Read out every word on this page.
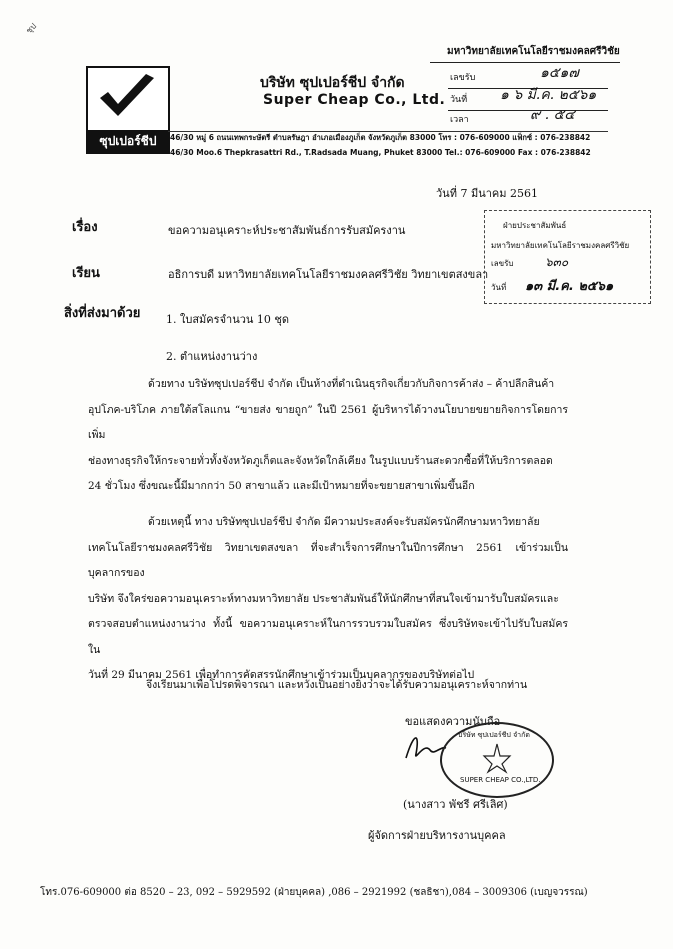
ชุป
ซุปเปอร์ชีป
บริษัท ซุปเปอร์ชีป จำกัด
Super Cheap Co., Ltd.
46/30 หมู่ 6 ถนนเทพกระษัตรี ตำบลรัษฎา อำเภอเมืองภูเก็ต จังหวัดภูเก็ต 83000 โทร : 076-609000 แฟ็กซ์ : 076-238842
46/30 Moo.6 Thepkrasattri Rd., T.Radsada Muang, Phuket 83000 Tel.: 076-609000 Fax : 076-238842
มหาวิทยาลัยเทคโนโลยีราชมงคลศรีวิชัย
เลขรับ	๑๕๑๗
วันที่ ๑ ๖ มี.ค. ๒๕๖๑
เวลา	๙ . ๕๔
วันที่ 7 มีนาคม 2561
เรื่อง	ขอความอนุเคราะห์ประชาสัมพันธ์การรับสมัครงาน
เรียน	อธิการบดี มหาวิทยาลัยเทคโนโลยีราชมงคลศรีวิชัย วิทยาเขตสงขลา
สิ่งที่ส่งมาด้วย 1. ใบสมัครจำนวน 10 ชุด
2. ตำแหน่งงานว่าง
ฝ่ายประชาสัมพันธ์
มหาวิทยาลัยเทคโนโลยีราชมงคลศรีวิชัย
เลขรับ	๖๓๐
วันที่ ๑๓ มี.ค. ๒๕๖๑
ด้วยทาง บริษัทซุปเปอร์ชีป จำกัด เป็นห้างที่ดำเนินธุรกิจเกี่ยวกับกิจการค้าส่ง – ค้าปลีกสินค้า
อุปโภค-บริโภค ภายใต้สโลแกน “ขายส่ง ขายถูก” ในปี 2561 ผู้บริหารได้วางนโยบายขยายกิจการโดยการเพิ่ม
ช่องทางธุรกิจให้กระจายทั่วทั้งจังหวัดภูเก็ตและจังหวัดใกล้เคียง ในรูปแบบร้านสะดวกซื้อที่ให้บริการตลอด
24 ชั่วโมง ซึ่งขณะนี้มีมากกว่า 50 สาขาแล้ว และมีเป้าหมายที่จะขยายสาขาเพิ่มขึ้นอีก
ด้วยเหตุนี้ ทาง บริษัทซุปเปอร์ชีป จำกัด มีความประสงค์จะรับสมัครนักศึกษามหาวิทยาลัย
เทคโนโลยีราชมงคลศรีวิชัย วิทยาเขตสงขลา ที่จะสำเร็จการศึกษาในปีการศึกษา 2561 เข้าร่วมเป็นบุคลากรของ
บริษัท จึงใคร่ขอความอนุเคราะห์ทางมหาวิทยาลัย ประชาสัมพันธ์ให้นักศึกษาที่สนใจเข้ามารับใบสมัครและ
ตรวจสอบตำแหน่งงานว่าง ทั้งนี้ ขอความอนุเคราะห์ในการรวบรวมใบสมัคร ซึ่งบริษัทจะเข้าไปรับใบสมัครใน
วันที่ 29 มีนาคม 2561 เพื่อทำการคัดสรรนักศึกษาเข้าร่วมเป็นบุคลากรของบริษัทต่อไป
จึงเรียนมาเพื่อโปรดพิจารณา และหวังเป็นอย่างยิ่งว่าจะได้รับความอนุเคราะห์จากท่าน
ขอแสดงความนับถือ
บริษัท ซุปเปอร์ชีป จำกัด
SUPER CHEAP CO.,LTD.
(นางสาว พัชรี ศรีเลิศ)
ผู้จัดการฝ่ายบริหารงานบุคคล
โทร.076-609000 ต่อ 8520 – 23, 092 – 5929592 (ฝ่ายบุคคล) ,086 – 2921992 (ชลธิชา),084 – 3009306 (เบญจวรรณ)
